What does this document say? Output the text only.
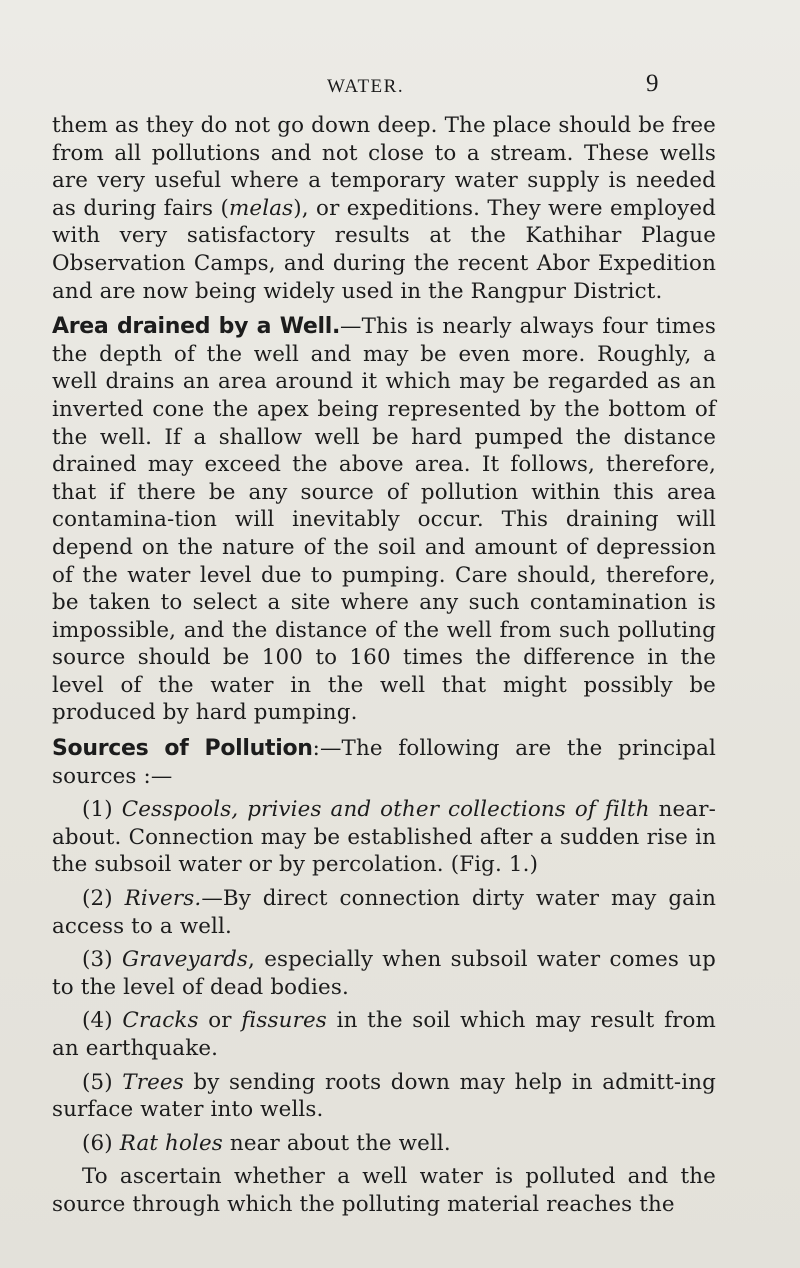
WATER.	9

them as they do not go down deep. The place should be free from all pollutions and not close to a stream. These wells are very useful where a temporary water supply is needed as during fairs (melas), or expeditions. They were employed with very satisfactory results at the Kathihar Plague Observation Camps, and during the recent Abor Expedition and are now being widely used in the Rangpur District.

Area drained by a Well.—This is nearly always four times the depth of the well and may be even more. Roughly, a well drains an area around it which may be regarded as an inverted cone the apex being represented by the bottom of the well. If a shallow well be hard pumped the distance drained may exceed the above area. It follows, therefore, that if there be any source of pollution within this area contamina-tion will inevitably occur. This draining will depend on the nature of the soil and amount of depression of the water level due to pumping. Care should, therefore, be taken to select a site where any such contamination is impossible, and the distance of the well from such polluting source should be 100 to 160 times the difference in the level of the water in the well that might possibly be produced by hard pumping.

Sources of Pollution:—The following are the principal sources :—

(1) Cesspools, privies and other collections of filth near-about. Connection may be established after a sudden rise in the subsoil water or by percolation. (Fig. 1.)

(2) Rivers.—By direct connection dirty water may gain access to a well.

(3) Graveyards, especially when subsoil water comes up to the level of dead bodies.

(4) Cracks or fissures in the soil which may result from an earthquake.

(5) Trees by sending roots down may help in admitt-ing surface water into wells.

(6) Rat holes near about the well.

To ascertain whether a well water is polluted and the source through which the polluting material reaches the
